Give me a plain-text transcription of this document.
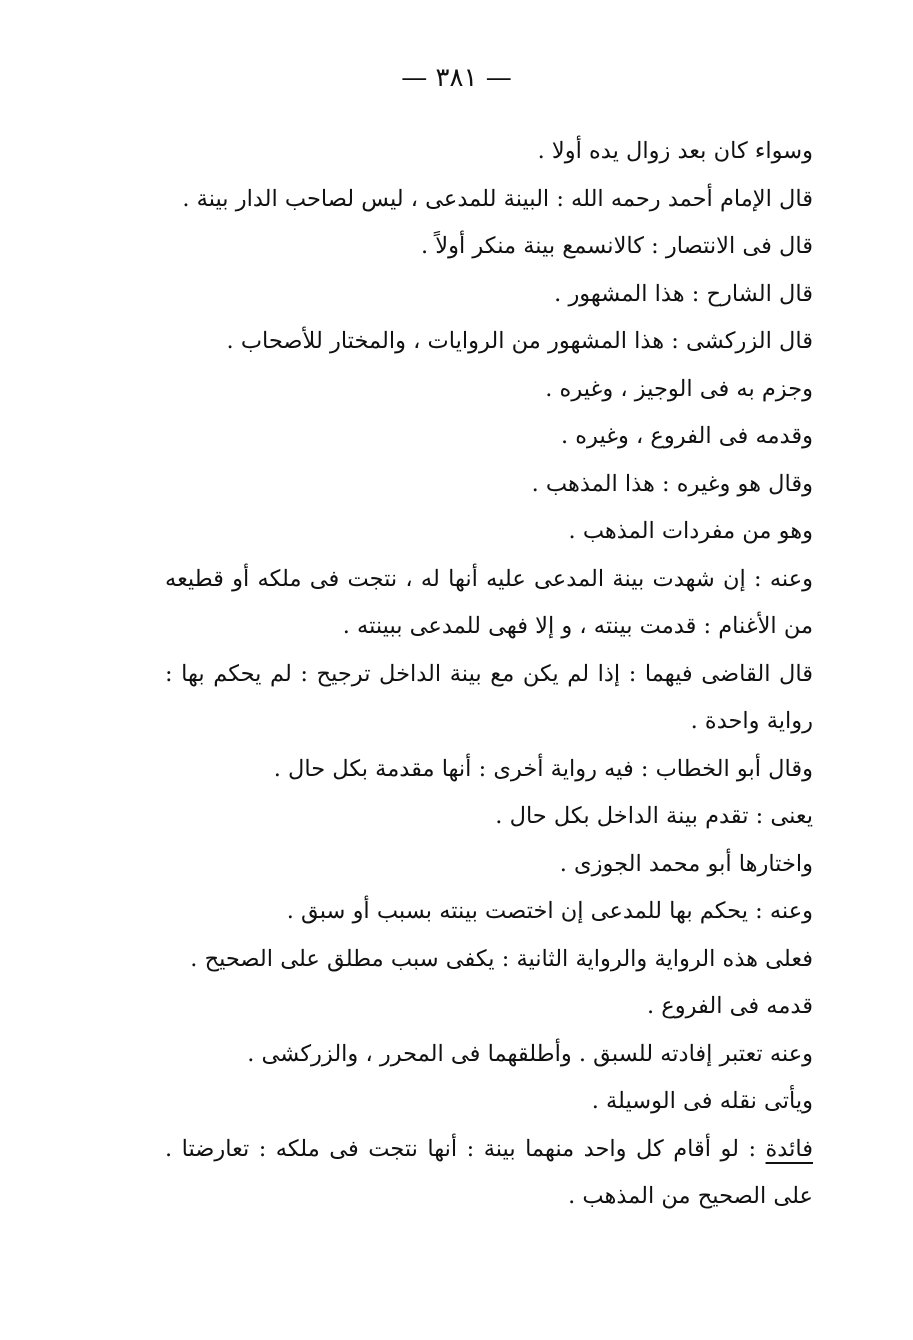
— ٣٨١ —

وسواء كان بعد زوال يده أولا .

قال الإمام أحمد رحمه الله : البينة للمدعى ، ليس لصاحب الدار بينة .

قال فى الانتصار : كالانسمع بينة منكر أولاً .

قال الشارح : هذا المشهور .

قال الزركشى : هذا المشهور من الروايات ، والمختار للأصحاب .

وجزم به فى الوجيز ، وغيره .

وقدمه فى الفروع ، وغيره .

وقال هو وغيره : هذا المذهب .

وهو من مفردات المذهب .

وعنه : إن شهدت بينة المدعى عليه أنها له ، نتجت فى ملكه أو قطيعه من الأغنام : قدمت بينته ، و إلا فهى للمدعى ببينته .

قال القاضى فيهما : إذا لم يكن مع بينة الداخل ترجيح : لم يحكم بها : رواية واحدة .

وقال أبو الخطاب : فيه رواية أخرى : أنها مقدمة بكل حال .

يعنى : تقدم بينة الداخل بكل حال .

واختارها أبو محمد الجوزى .

وعنه : يحكم بها للمدعى إن اختصت بينته بسبب أو سبق .

فعلى هذه الرواية والرواية الثانية : يكفى سبب مطلق على الصحيح .

قدمه فى الفروع .

وعنه تعتبر إفادته للسبق . وأطلقهما فى المحرر ، والزركشى .

ويأتى نقله فى الوسيلة .

فائدة : لو أقام كل واحد منهما بينة : أنها نتجت فى ملكه : تعارضتا . على الصحيح من المذهب .
